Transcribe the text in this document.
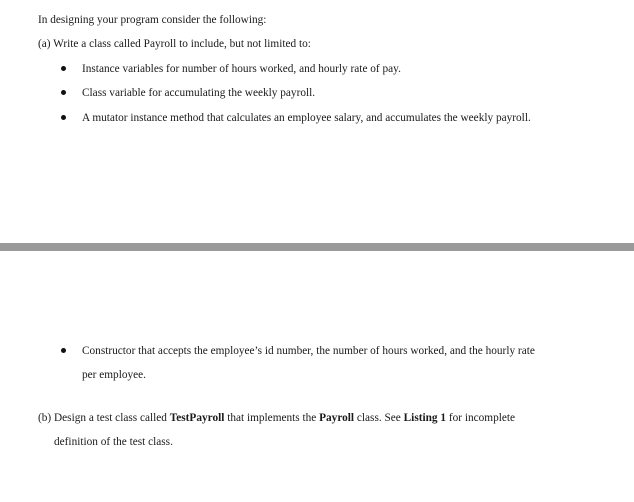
In designing your program consider the following:
(a) Write a class called Payroll to include, but not limited to:
Instance variables for number of hours worked, and hourly rate of pay.
Class variable for accumulating the weekly payroll.
A mutator instance method that calculates an employee salary, and accumulates the weekly payroll.
Constructor that accepts the employee’s id number, the number of hours worked, and the hourly rate
per employee.
(b) Design a test class called TestPayroll that implements the Payroll class. See Listing 1 for incomplete
definition of the test class.
